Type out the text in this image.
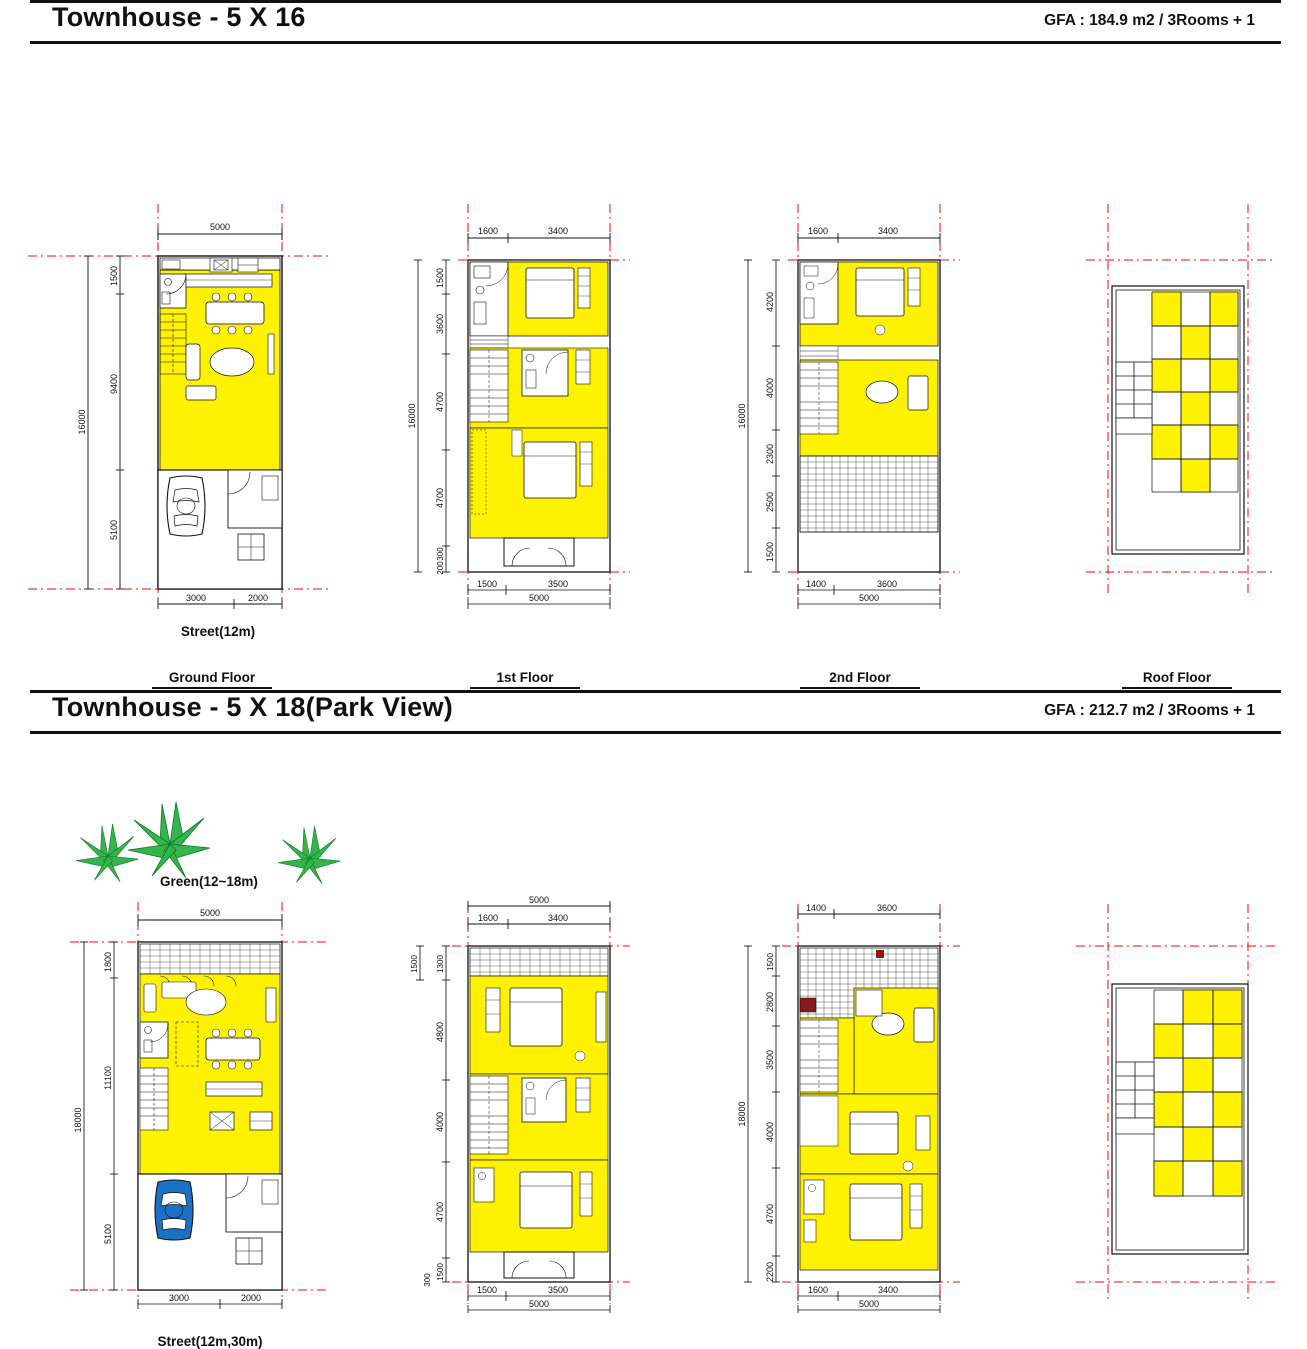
Townhouse - 5 X 16	GFA : 184.9 m2 / 3Rooms + 1
5000
1500
9400
5100
16000
3000	2000
Street(12m)
Ground Floor
1600	3400
1500
3600
4700
4700
300
200
16000
1500	3500
5000
1st Floor
1600	3400
4200
4000
2300
2500
1500
16000
1400	3600
5000
2nd Floor	Roof Floor
Townhouse - 5 X 18(Park View)	GFA : 212.7 m2 / 3Rooms + 1
Green(12~18m)
5000
1800
11100
5100
18000
3000	2000
Street(12m,30m)
5000
1600	3400
1500 1300
4800
4000
4700
1500
300
1500	3500
5000
1400	3600
1500
2800
3500
4000
4700
2200
18000
1600	3400
5000
